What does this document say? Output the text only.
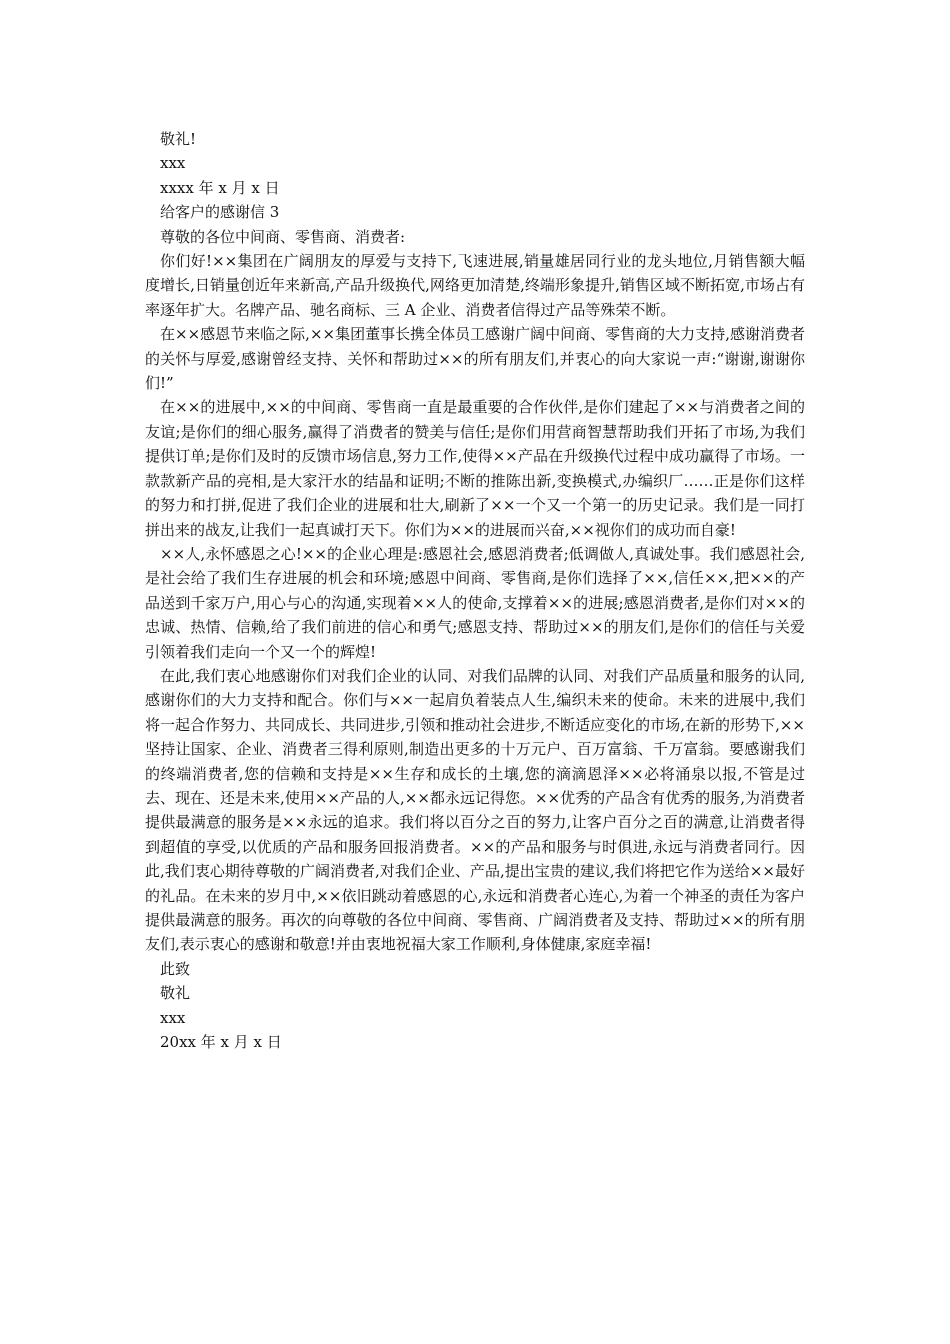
敬礼!

xxx

xxxx 年 x 月 x 日

给客户的感谢信 3

尊敬的各位中间商、零售商、消费者:

你们好!××集团在广阔朋友的厚爱与支持下,飞速进展,销量雄居同行业的龙头地位,月销售额大幅度增长,日销量创近年来新高,产品升级换代,网络更加清楚,终端形象提升,销售区域不断拓宽,市场占有率逐年扩大。名牌产品、驰名商标、三 A 企业、消费者信得过产品等殊荣不断。

在××感恩节来临之际,××集团董事长携全体员工感谢广阔中间商、零售商的大力支持,感谢消费者的关怀与厚爱,感谢曾经支持、关怀和帮助过××的所有朋友们,并衷心的向大家说一声:“谢谢,谢谢你们!”

在××的进展中,××的中间商、零售商一直是最重要的合作伙伴,是你们建起了××与消费者之间的友谊;是你们的细心服务,赢得了消费者的赞美与信任;是你们用营商智慧帮助我们开拓了市场,为我们提供订单;是你们及时的反馈市场信息,努力工作,使得××产品在升级换代过程中成功赢得了市场。一款款新产品的亮相,是大家汗水的结晶和证明;不断的推陈出新,变换模式,办编织厂……正是你们这样的努力和打拼,促进了我们企业的进展和壮大,刷新了××一个又一个第一的历史记录。我们是一同打拼出来的战友,让我们一起真诚打天下。你们为××的进展而兴奋,××视你们的成功而自豪!

××人,永怀感恩之心!××的企业心理是:感恩社会,感恩消费者;低调做人,真诚处事。我们感恩社会,是社会给了我们生存进展的机会和环境;感恩中间商、零售商,是你们选择了××,信任××,把××的产品送到千家万户,用心与心的沟通,实现着××人的使命,支撑着××的进展;感恩消费者,是你们对××的忠诚、热情、信赖,给了我们前进的信心和勇气;感恩支持、帮助过××的朋友们,是你们的信任与关爱引领着我们走向一个又一个的辉煌!

在此,我们衷心地感谢你们对我们企业的认同、对我们品牌的认同、对我们产品质量和服务的认同,感谢你们的大力支持和配合。你们与××一起肩负着装点人生,编织未来的使命。未来的进展中,我们将一起合作努力、共同成长、共同进步,引领和推动社会进步,不断适应变化的市场,在新的形势下,××坚持让国家、企业、消费者三得利原则,制造出更多的十万元户、百万富翁、千万富翁。要感谢我们的终端消费者,您的信赖和支持是××生存和成长的土壤,您的滴滴恩泽××必将涌泉以报,不管是过去、现在、还是未来,使用××产品的人,××都永远记得您。××优秀的产品含有优秀的服务,为消费者提供最满意的服务是××永远的追求。我们将以百分之百的努力,让客户百分之百的满意,让消费者得到超值的享受,以优质的产品和服务回报消费者。××的产品和服务与时俱进,永远与消费者同行。因此,我们衷心期待尊敬的广阔消费者,对我们企业、产品,提出宝贵的建议,我们将把它作为送给××最好的礼品。在未来的岁月中,××依旧跳动着感恩的心,永远和消费者心连心,为着一个神圣的责任为客户提供最满意的服务。再次的向尊敬的各位中间商、零售商、广阔消费者及支持、帮助过××的所有朋友们,表示衷心的感谢和敬意!并由衷地祝福大家工作顺利,身体健康,家庭幸福!

此致

敬礼

xxx

20xx 年 x 月 x 日
